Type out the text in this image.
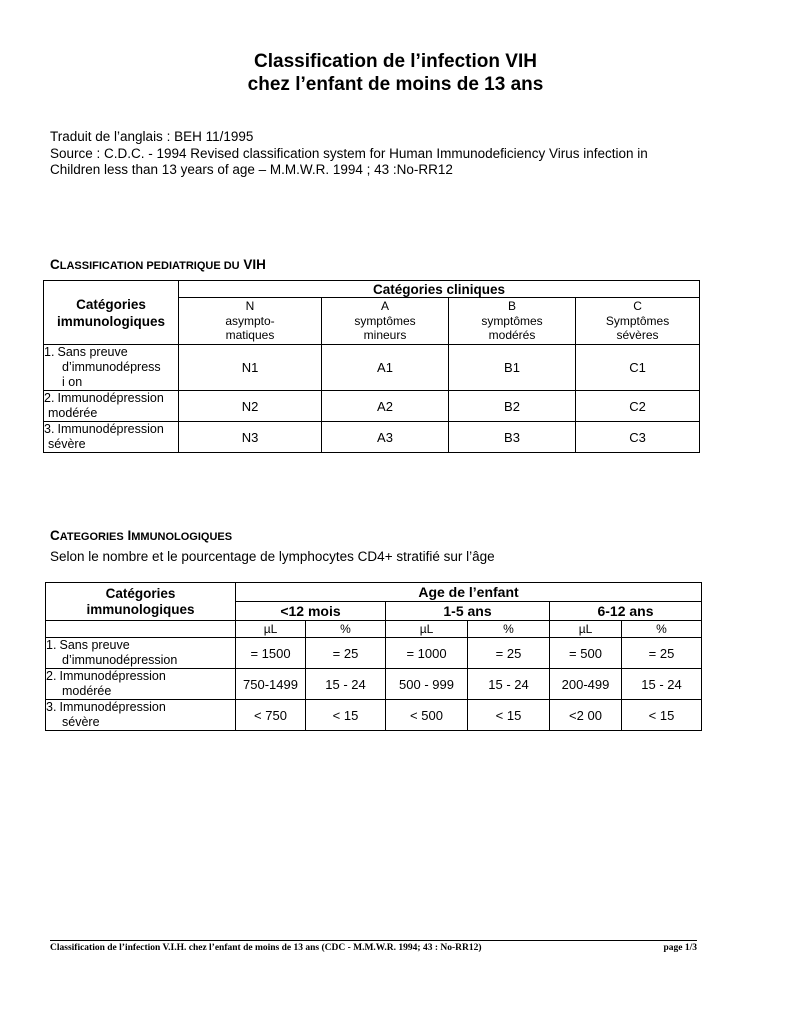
Classification de l’infection VIH
chez l’enfant de moins de 13 ans
Traduit de l’anglais : BEH 11/1995
Source : C.D.C. - 1994 Revised classification system for Human Immunodeficiency Virus infection in
Children less than 13 years of age – M.M.W.R. 1994 ; 43 :No-RR12
CLASSIFICATION PEDIATRIQUE DU VIH
Catégories immunologiques	Catégories cliniques			
	N
asympto-
matiques	A
symptômes
mineurs	B
symptômes
modérés	C
Symptômes
sévères
1. Sans preuve
d’immunodépressi on	N1	A1	B1	C1
2. Immunodépression
modérée	N2	A2	B2	C2
3. Immunodépression
sévère	N3	A3	B3	C3
CATEGORIES IMMUNOLOGIQUES
Selon le nombre et le pourcentage de lymphocytes CD4+ stratifié sur l’âge
Catégories
immunologiques	Age de l’enfant					
	<12 mois		1-5 ans		6-12 ans	
	µL	%	µL	%	µL	%
1. Sans preuve
d’immunodépression	= 1500	= 25	= 1000	= 25	= 500	= 25
2. Immunodépression
modérée	750-1499	15 - 24	500 - 999	15 - 24	200-499	15 - 24
3. Immunodépression
sévère	< 750	< 15	< 500	< 15	<2 00	< 15
Classification de l’infection V.I.H. chez l’enfant de moins de 13 ans (CDC - M.M.W.R. 1994; 43 : No-RR12)	page 1/3
